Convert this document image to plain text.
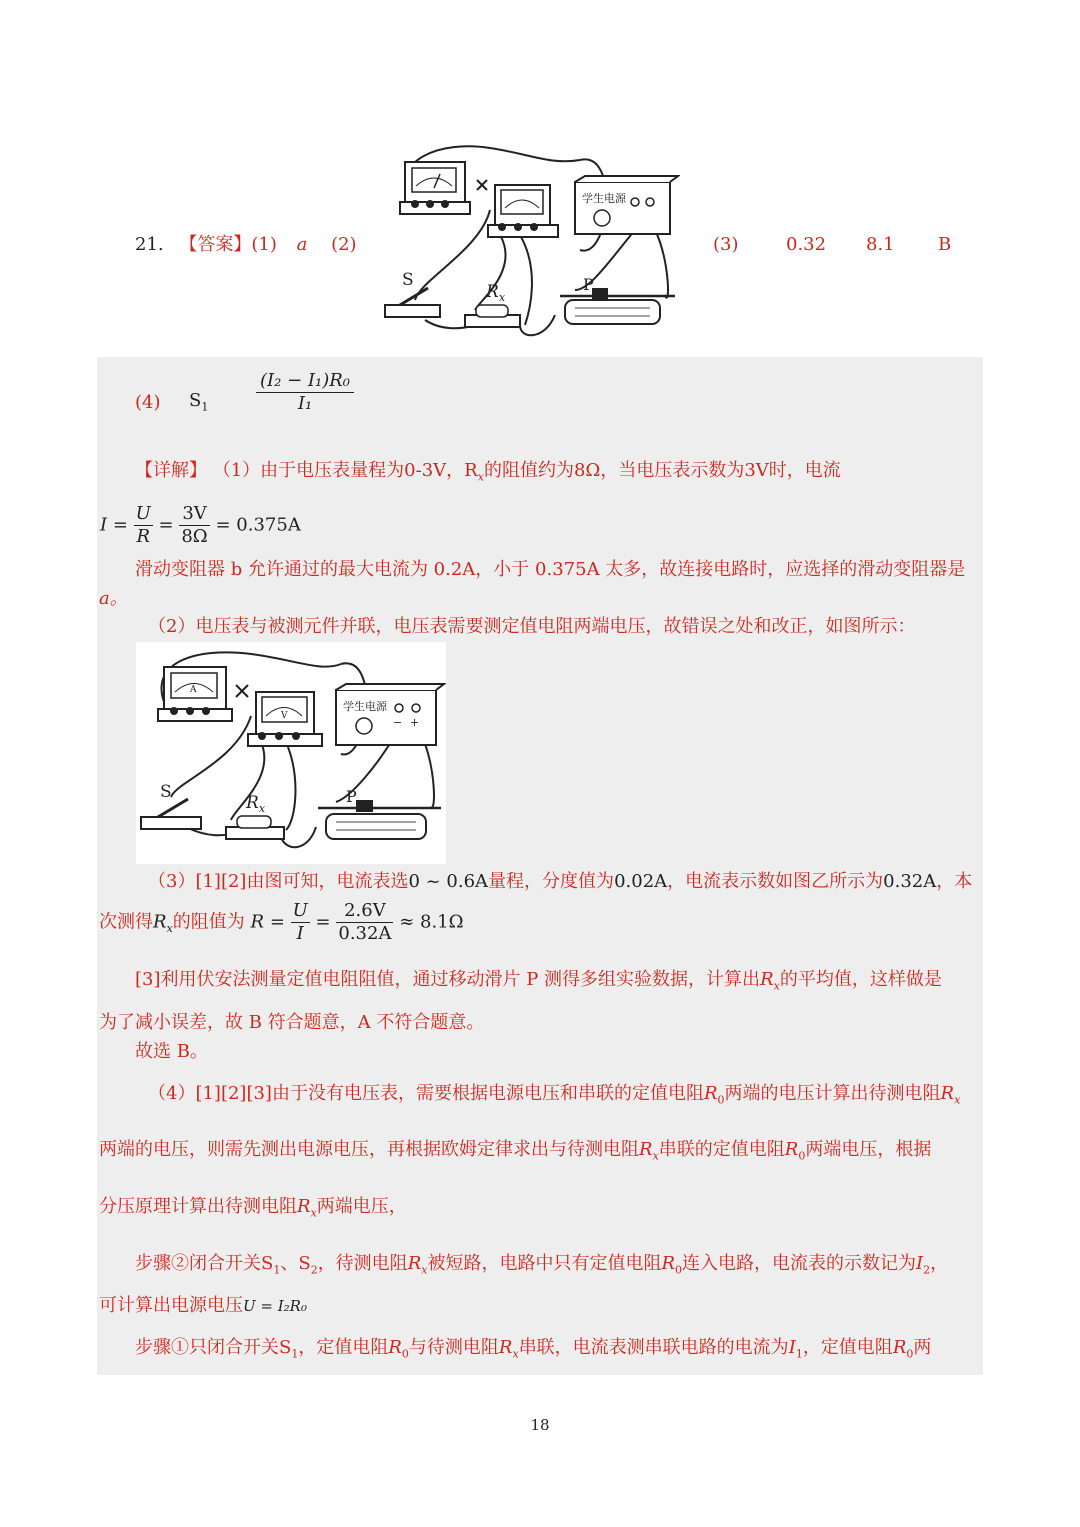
21. 【答案】(1) a (2)	(3)	0.32 8.1 B
学生电源
S
$R_x$
P
(4) $S_1$	$\frac{\text{(I₂ − I₁)R₀}}{\text{I₁}}$
【详解】 （1）由于电压表量程为0-3V，$R_x$的阻值约为8Ω，当电压表示数为3V时，电流
$I = \frac{U}{R} = \frac{3V}{8\Omega} = 0.375A$
滑动变阻器 b 允许通过的最大电流为 0.2A，小于 0.375A 太多，故连接电路时，应选择的滑动变阻器是
a。
（2）电压表与被测元件并联，电压表需要测定值电阻两端电压，故错误之处和改正，如图所示：
A
V
学生电源
− +
S
$R_x$
P
（3）[1][2]由图可知，电流表选0 ~ 0.6A量程，分度值为0.02A，电流表示数如图乙所示为0.32A，本
次测得$R_x$的阻值为 $R = \frac{U}{I} = \frac{2.6V}{0.32A} \approx 8.1\Omega$
[3]利用伏安法测量定值电阻阻值，通过移动滑片 P 测得多组实验数据，计算出$R_x$的平均值，这样做是
为了减小误差，故 B 符合题意，A 不符合题意。
故选 B。
（4）[1][2][3]由于没有电压表，需要根据电源电压和串联的定值电阻$R_0$两端的电压计算出待测电阻$R_x$
两端的电压，则需先测出电源电压，再根据欧姆定律求出与待测电阻$R_x$串联的定值电阻$R_0$两端电压，根据
分压原理计算出待测电阻$R_x$两端电压，
步骤②闭合开关$S_1$、$S_2$，待测电阻$R_x$被短路，电路中只有定值电阻$R_0$连入电路，电流表的示数记为$I_2$，
可计算出电源电压U = I₂R₀
步骤①只闭合开关$S_1$，定值电阻$R_0$与待测电阻$R_x$串联，电流表测串联电路的电流为$I_1$，定值电阻$R_0$两
18
